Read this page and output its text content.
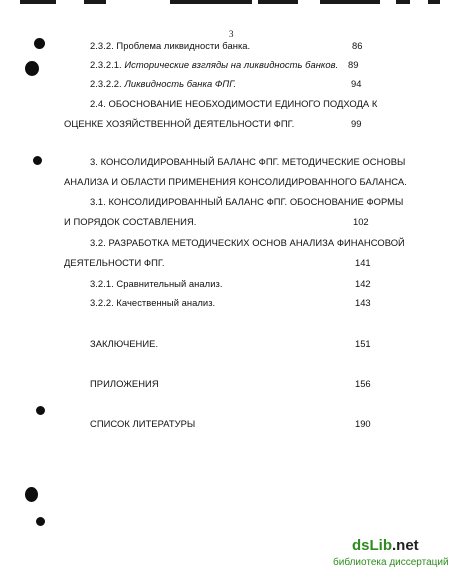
3
2.3.2. Проблема ликвидности банка.	86
2.3.2.1. Исторические взгляды на ликвидность банков. 89
2.3.2.2. Ликвидность банка ФПГ.	94
2.4. ОБОСНОВАНИЕ НЕОБХОДИМОСТИ ЕДИНОГО ПОДХОДА К
ОЦЕНКЕ ХОЗЯЙСТВЕННОЙ ДЕЯТЕЛЬНОСТИ ФПГ.	99
3. КОНСОЛИДИРОВАННЫЙ БАЛАНС ФПГ. МЕТОДИЧЕСКИЕ ОСНОВЫ
АНАЛИЗА И ОБЛАСТИ ПРИМЕНЕНИЯ КОНСОЛИДИРОВАННОГО БАЛАНСА.
3.1. КОНСОЛИДИРОВАННЫЙ БАЛАНС ФПГ. ОБОСНОВАНИЕ ФОРМЫ
И ПОРЯДОК СОСТАВЛЕНИЯ.	102
3.2. РАЗРАБОТКА МЕТОДИЧЕСКИХ ОСНОВ АНАЛИЗА ФИНАНСОВОЙ
ДЕЯТЕЛЬНОСТИ ФПГ.	141
3.2.1. Сравнительный анализ.	142
3.2.2. Качественный анализ.	143
ЗАКЛЮЧЕНИЕ.	151
ПРИЛОЖЕНИЯ	156
СПИСОК ЛИТЕРАТУРЫ	190
dsLib.net
библиотека диссертаций
